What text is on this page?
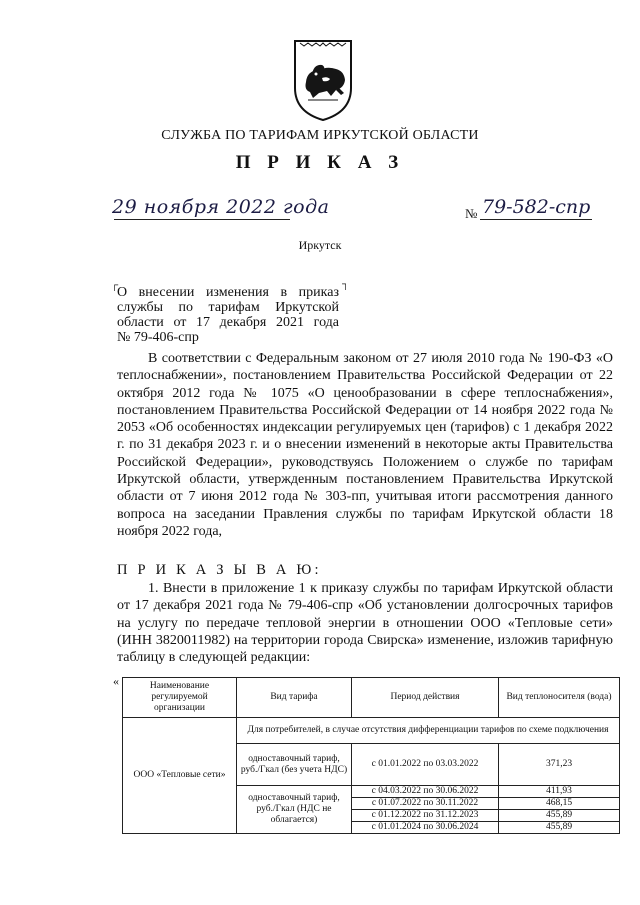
СЛУЖБА ПО ТАРИФАМ ИРКУТСКОЙ ОБЛАСТИ
П Р И К А З
29 ноября 2022 года	№ 79-582-спр
Иркутск
┌	┐
О внесении изменения в приказ
службы по тарифам Иркутской
области от 17 декабря 2021 года
№ 79-406-спр
В соответствии с Федеральным законом от 27 июля 2010 года № 190-ФЗ «О теплоснабжении», постановлением Правительства Российской Федерации от 22 октября 2012 года № 1075 «О ценообразовании в сфере теплоснабжения», постановлением Правительства Российской Федерации от 14 ноября 2022 года № 2053 «Об особенностях индексации регулируемых цен (тарифов) с 1 декабря 2022 г. по 31 декабря 2023 г. и о внесении изменений в некоторые акты Правительства Российской Федерации», руководствуясь Положением о службе по тарифам Иркутской области, утвержденным постановлением Правительства Иркутской области от 7 июня 2012 года № 303-пп, учитывая итоги рассмотрения данного вопроса на заседании Правления службы по тарифам Иркутской области 18 ноября 2022 года,
П Р И К А З Ы В А Ю:
1. Внести в приложение 1 к приказу службы по тарифам Иркутской области от 17 декабря 2021 года № 79-406-спр «Об установлении долгосрочных тарифов на услугу по передаче тепловой энергии в отношении ООО «Тепловые сети» (ИНН 3820011982) на территории города Свирска» изменение, изложив тарифную таблицу в следующей редакции:
«	Наименование регулируемой организации	Вид тарифа	Период действия	Вид теплоносителя (вода)
ООО «Тепловые сети»	Для потребителей, в случае отсутствия дифференциации тарифов по схеме подключения		
	одноставочный тариф, руб./Гкал (без учета НДС)	с 01.01.2022 по 03.03.2022	371,23
	одноставочный тариф, руб./Гкал (НДС не облагается)	с 04.03.2022 по 30.06.2022	411,93
		с 01.07.2022 по 30.11.2022	468,15
		с 01.12.2022 по 31.12.2023	455,89
		с 01.01.2024 по 30.06.2024	455,89
